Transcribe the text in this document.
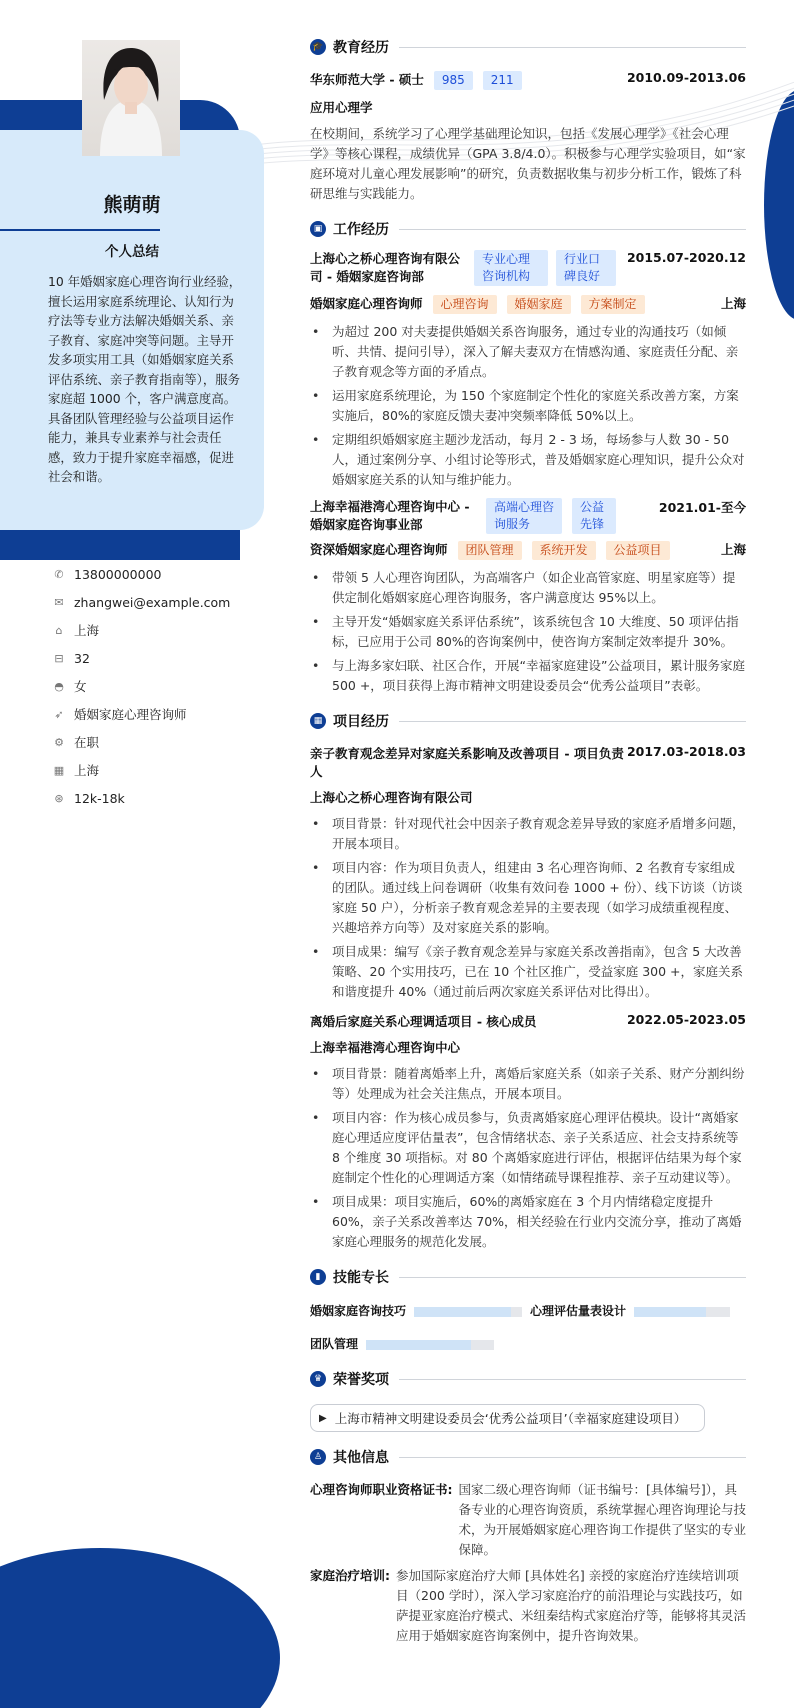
熊萌萌
个人总结
10 年婚姻家庭心理咨询行业经验，擅长运用家庭系统理论、认知行为疗法等专业方法解决婚姻关系、亲子教育、家庭冲突等问题。主导开发多项实用工具（如婚姻家庭关系评估系统、亲子教育指南等），服务家庭超 1000 个，客户满意度高。具备团队管理经验与公益项目运作能力，兼具专业素养与社会责任感，致力于提升家庭幸福感，促进社会和谐。
✆ 13800000000
✉ zhangwei@example.com
⌂ 上海
⊟ 32
◓ 女
➶ 婚姻家庭心理咨询师
⚙ 在职
▦ 上海
⊛ 12k-18k
🎓 教育经历
华东师范大学 - 硕士 985 211	2010.09-2013.06
应用心理学
在校期间，系统学习了心理学基础理论知识，包括《发展心理学》《社会心理学》等核心课程，成绩优异（GPA 3.8/4.0）。积极参与心理学实验项目，如“家庭环境对儿童心理发展影响”的研究，负责数据收集与初步分析工作，锻炼了科研思维与实践能力。
▣ 工作经历
上海心之桥心理咨询有限公司 - 婚姻家庭咨询部
专业心理咨询机构
行业口碑良好
2015.07-2020.12
婚姻家庭心理咨询师 心理咨询 婚姻家庭 方案制定	上海
• 为超过 200 对夫妻提供婚姻关系咨询服务，通过专业的沟通技巧（如倾听、共情、提问引导），深入了解夫妻双方在情感沟通、家庭责任分配、亲子教育观念等方面的矛盾点。
• 运用家庭系统理论，为 150 个家庭制定个性化的家庭关系改善方案，方案实施后，80%的家庭反馈夫妻冲突频率降低 50%以上。
• 定期组织婚姻家庭主题沙龙活动，每月 2 - 3 场，每场参与人数 30 - 50 人，通过案例分享、小组讨论等形式，普及婚姻家庭心理知识，提升公众对婚姻家庭关系的认知与维护能力。
上海幸福港湾心理咨询中心 - 婚姻家庭咨询事业部
高端心理咨询服务
公益先锋
2021.01-至今
资深婚姻家庭心理咨询师 团队管理 系统开发 公益项目	上海
• 带领 5 人心理咨询团队，为高端客户（如企业高管家庭、明星家庭等）提供定制化婚姻家庭心理咨询服务，客户满意度达 95%以上。
• 主导开发“婚姻家庭关系评估系统”，该系统包含 10 大维度、50 项评估指标，已应用于公司 80%的咨询案例中，使咨询方案制定效率提升 30%。
• 与上海多家妇联、社区合作，开展“幸福家庭建设”公益项目，累计服务家庭 500 +，项目获得上海市精神文明建设委员会“优秀公益项目”表彰。
▦ 项目经历
亲子教育观念差异对家庭关系影响及改善项目 - 项目负责人
2017.03-2018.03
上海心之桥心理咨询有限公司
• 项目背景：针对现代社会中因亲子教育观念差异导致的家庭矛盾增多问题，开展本项目。
• 项目内容：作为项目负责人，组建由 3 名心理咨询师、2 名教育专家组成的团队。通过线上问卷调研（收集有效问卷 1000 + 份）、线下访谈（访谈家庭 50 户），分析亲子教育观念差异的主要表现（如学习成绩重视程度、兴趣培养方向等）及对家庭关系的影响。
• 项目成果：编写《亲子教育观念差异与家庭关系改善指南》，包含 5 大改善策略、20 个实用技巧，已在 10 个社区推广，受益家庭 300 +，家庭关系和谐度提升 40%（通过前后两次家庭关系评估对比得出）。
离婚后家庭关系心理调适项目 - 核心成员	2022.05-2023.05
上海幸福港湾心理咨询中心
• 项目背景：随着离婚率上升，离婚后家庭关系（如亲子关系、财产分割纠纷等）处理成为社会关注焦点，开展本项目。
• 项目内容：作为核心成员参与，负责离婚家庭心理评估模块。设计“离婚家庭心理适应度评估量表”，包含情绪状态、亲子关系适应、社会支持系统等 8 个维度 30 项指标。对 80 个离婚家庭进行评估，根据评估结果为每个家庭制定个性化的心理调适方案（如情绪疏导课程推荐、亲子互动建议等）。
• 项目成果：项目实施后，60%的离婚家庭在 3 个月内情绪稳定度提升 60%，亲子关系改善率达 70%，相关经验在行业内交流分享，推动了离婚家庭心理服务的规范化发展。
▮ 技能专长
婚姻家庭咨询技巧	心理评估量表设计
团队管理
♛ 荣誉奖项
▶ 上海市精神文明建设委员会‘优秀公益项目’（幸福家庭建设项目）
♙ 其他信息
心理咨询师职业资格证书: 国家二级心理咨询师（证书编号：[具体编号]），具备专业的心理咨询资质，系统掌握心理咨询理论与技术，为开展婚姻家庭心理咨询工作提供了坚实的专业保障。
家庭治疗培训: 参加国际家庭治疗大师 [具体姓名] 亲授的家庭治疗连续培训项目（200 学时），深入学习家庭治疗的前沿理论与实践技巧，如萨提亚家庭治疗模式、米纽秦结构式家庭治疗等，能够将其灵活应用于婚姻家庭咨询案例中，提升咨询效果。
